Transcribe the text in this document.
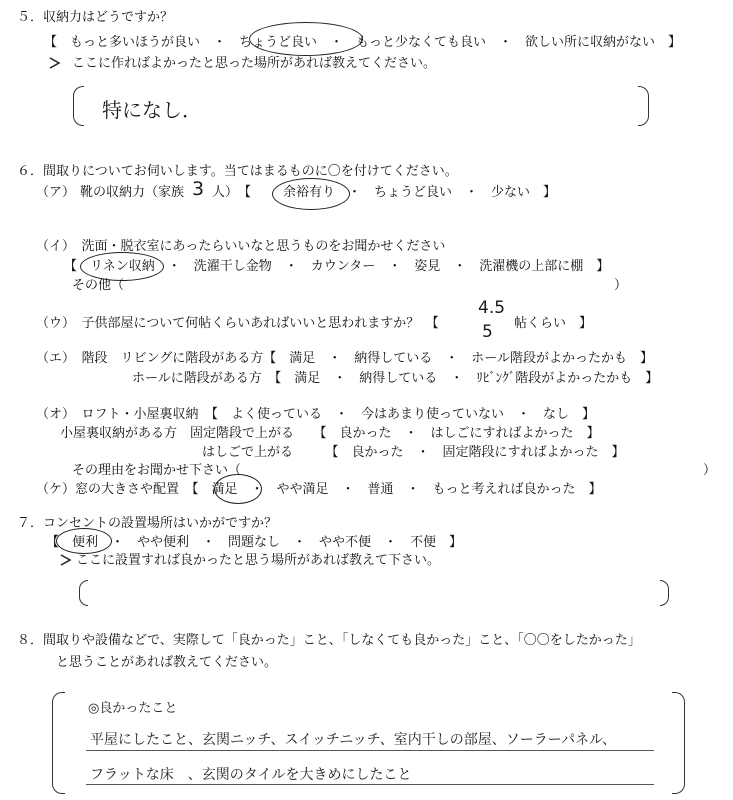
５．収納力はどうですか？
【　もっと多いほうが良い　・　ちょうど良い　・　もっと少なくても良い　・　欲しい所に収納がない　】
ここに作ればよかったと思った場所があれば教えてください。
特になし．
６．間取りについてお伺いします。当てはまるものに〇を付けてください。
（ア） 靴の収納力（家族 3 人）　【 余裕有り　・　ちょうど良い　・　少ない　】
（イ）　洗面・脱衣室にあったらいいなと思うものをお聞かせください
【　リネン収納　・　洗濯干し金物　・　カウンター　・　姿見　・　洗濯機の上部に棚　】
その他（	）
（ウ）　子供部屋について何帖くらいあればいいと思われますか？　【
4.5
5 帖くらい　】
（エ）　階段　リビングに階段がある方【　満足　・　納得している　・　ホール階段がよかったかも　】
ホールに階段がある方　【　満足　・　納得している　・　ﾘﾋﾞﾝｸﾞ階段がよかったかも　】
（オ）　ロフト・小屋裏収納　【　よく使っている　・　今はあまり使っていない　・　なし　】
小屋裏収納がある方　固定階段で上がる　　【　良かった　・　はしごにすればよかった　】
はしごで上がる　　　【　良かった　・　固定階段にすればよかった　】
その理由をお聞かせ下さい（	）
（ケ）窓の大きさや配置　【　満足　・　やや満足　・　普通　・　もっと考えれば良かった　】
７．コンセントの設置場所はいかがですか？
【　便利　・　やや便利　・　問題なし　・　やや不便　・　不便　】
ここに設置すれば良かったと思う場所があれば教えて下さい。
８．間取りや設備などで、実際して「良かった」こと、「しなくても良かった」こと、「〇〇をしたかった」
と思うことがあれば教えてください。
◎良かったこと
平屋にしたこと、玄関ニッチ、スイッチニッチ、室内干しの部屋、ソーラーパネル、
フラットな床　、玄関のタイルを大きめにしたこと
